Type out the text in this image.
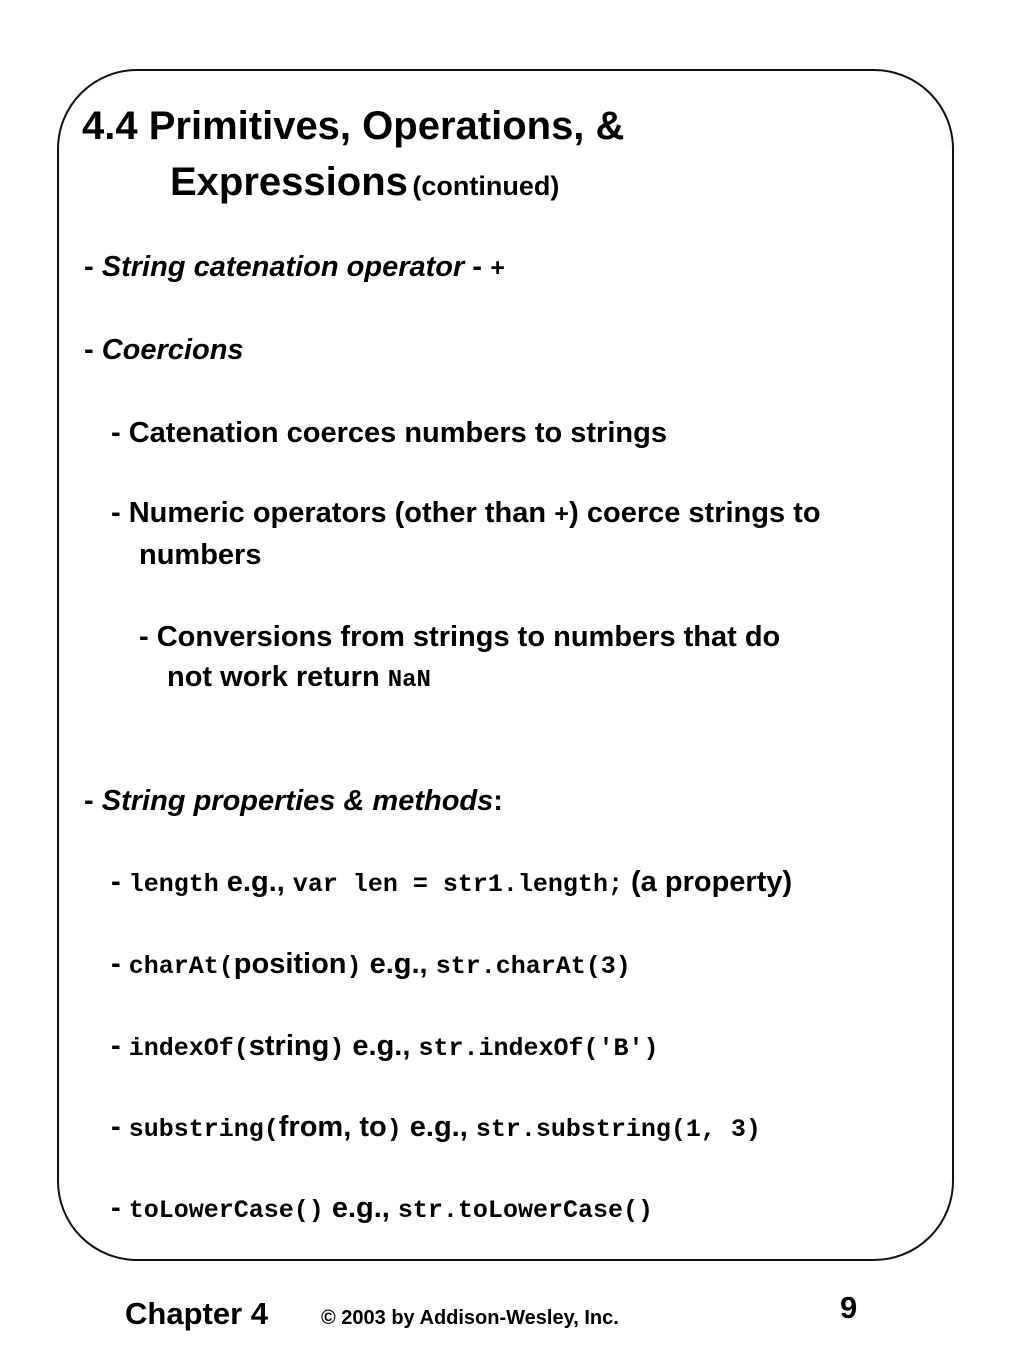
4.4 Primitives, Operations, &
Expressions (continued)
- String catenation operator - +
- Coercions
- Catenation coerces numbers to strings
- Numeric operators (other than +) coerce strings to
numbers
- Conversions from strings to numbers that do
not work return NaN
- String properties & methods:
- length e.g., var len = str1.length; (a property)
- charAt(position) e.g., str.charAt(3)
- indexOf(string) e.g., str.indexOf('B')
- substring(from, to) e.g., str.substring(1, 3)
- toLowerCase() e.g., str.toLowerCase()
Chapter 4	© 2003 by Addison-Wesley, Inc.	9
